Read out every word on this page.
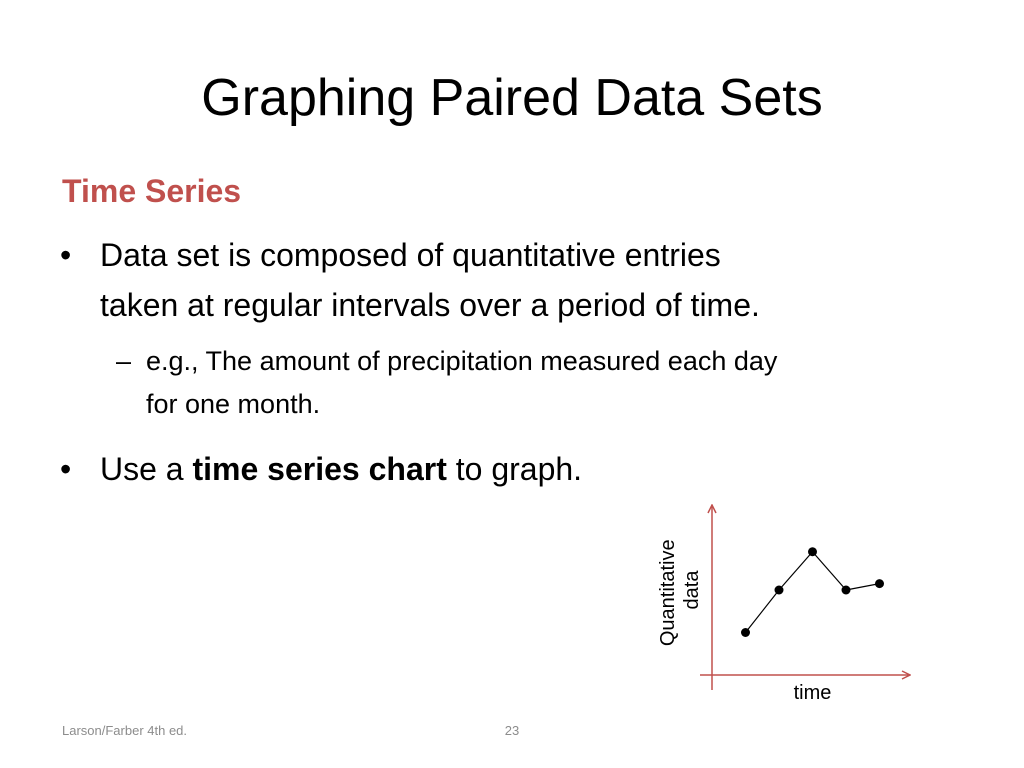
Graphing Paired Data Sets
Time Series
• Data set is composed of quantitative entries
taken at regular intervals over a period of time.
– e.g., The amount of precipitation measured each day
for one month.
• Use a time series chart to graph.
time
Quantitative data
Larson/Farber 4th ed.	23
